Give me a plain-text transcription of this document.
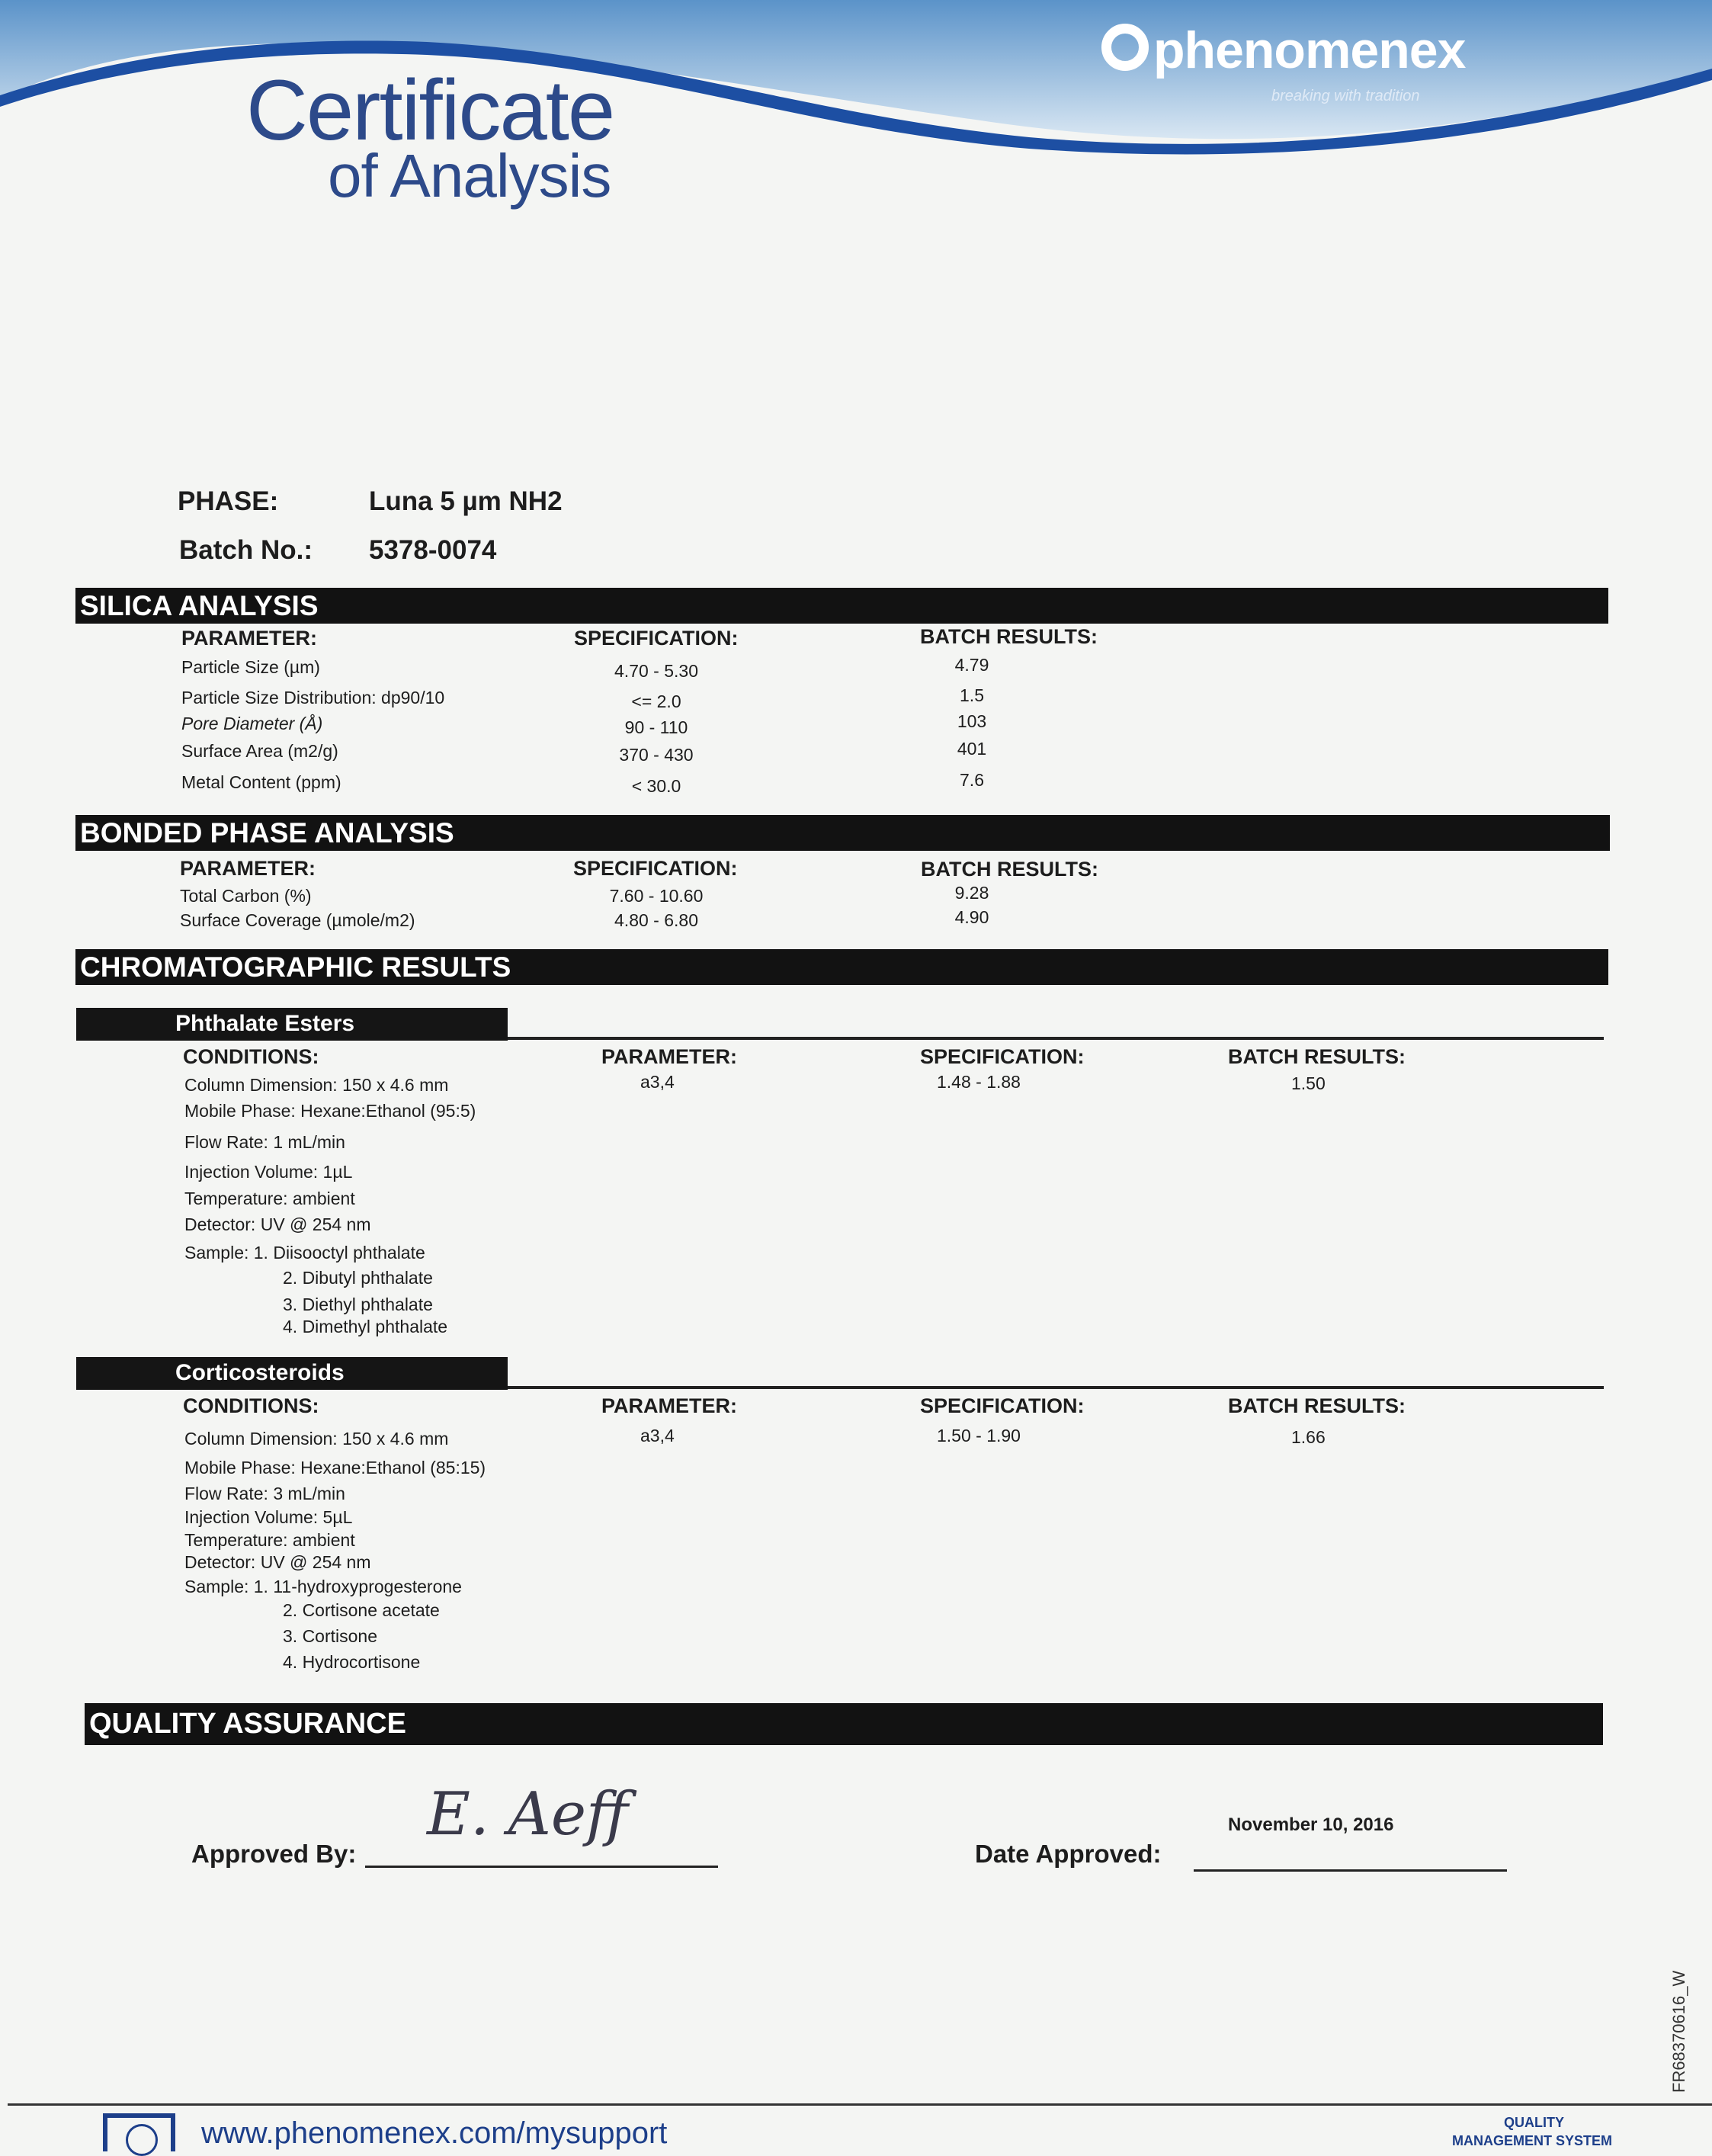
Certificate
of Analysis
phenomenex
breaking with tradition
PHASE:	Luna 5 µm NH2
Batch No.: 5378-0074
SILICA ANALYSIS
PARAMETER:	SPECIFICATION:	BATCH RESULTS:
Particle Size (µm)	4.70 - 5.30	4.79
Particle Size Distribution: dp90/10	<= 2.0	1.5
Pore Diameter (Å)	90 - 110	103
Surface Area (m2/g)	370 - 430	401
Metal Content (ppm)	< 30.0	7.6
BONDED PHASE ANALYSIS
PARAMETER:	SPECIFICATION:	BATCH RESULTS:
Total Carbon (%)	7.60 - 10.60	9.28
Surface Coverage (µmole/m2)	4.80 - 6.80	4.90
CHROMATOGRAPHIC RESULTS
Phthalate Esters
CONDITIONS:	PARAMETER:	SPECIFICATION:	BATCH RESULTS:
Column Dimension: 150 x 4.6 mm
Mobile Phase: Hexane:Ethanol (95:5)
Flow Rate: 1 mL/min
Injection Volume: 1µL
Temperature: ambient
Detector: UV @ 254 nm
Sample: 1. Diisooctyl phthalate
2. Dibutyl phthalate
3. Diethyl phthalate
4. Dimethyl phthalate
a3,4	1.48 - 1.88	1.50
Corticosteroids
CONDITIONS:	PARAMETER:	SPECIFICATION:	BATCH RESULTS:
Column Dimension: 150 x 4.6 mm
Mobile Phase: Hexane:Ethanol (85:15)
Flow Rate: 3 mL/min
Injection Volume: 5µL
Temperature: ambient
Detector: UV @ 254 nm
Sample: 1. 11-hydroxyprogesterone
2. Cortisone acetate
3. Cortisone
4. Hydrocortisone
a3,4	1.50 - 1.90	1.66
QUALITY ASSURANCE
Approved By:
E. Aeff
Date Approved:
November 10, 2016
FR68370616_W
www.phenomenex.com/mysupport	QUALITY
MANAGEMENT SYSTEM
